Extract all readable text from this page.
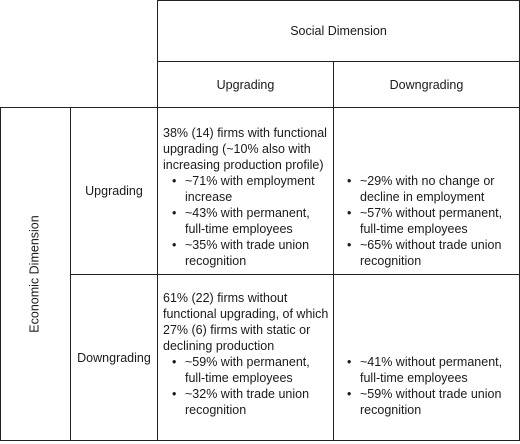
Social Dimension
Upgrading	Downgrading
Economic Dimension
Upgrading
Downgrading

38% (14) firms with functional upgrading (~10% also with increasing production profile)

• ~71% with employment increase
• ~43% with permanent, full-time employees
• ~35% with trade union recognition
• ~29% with no change or decline in employment
• ~57% without permanent, full-time employees
• ~65% without trade union recognition

61% (22) firms without functional upgrading, of which 27% (6) firms with static or declining production

• ~59% with permanent, full-time employees
• ~32% with trade union recognition
• ~41% without permanent, full-time employees
• ~59% without trade union recognition
